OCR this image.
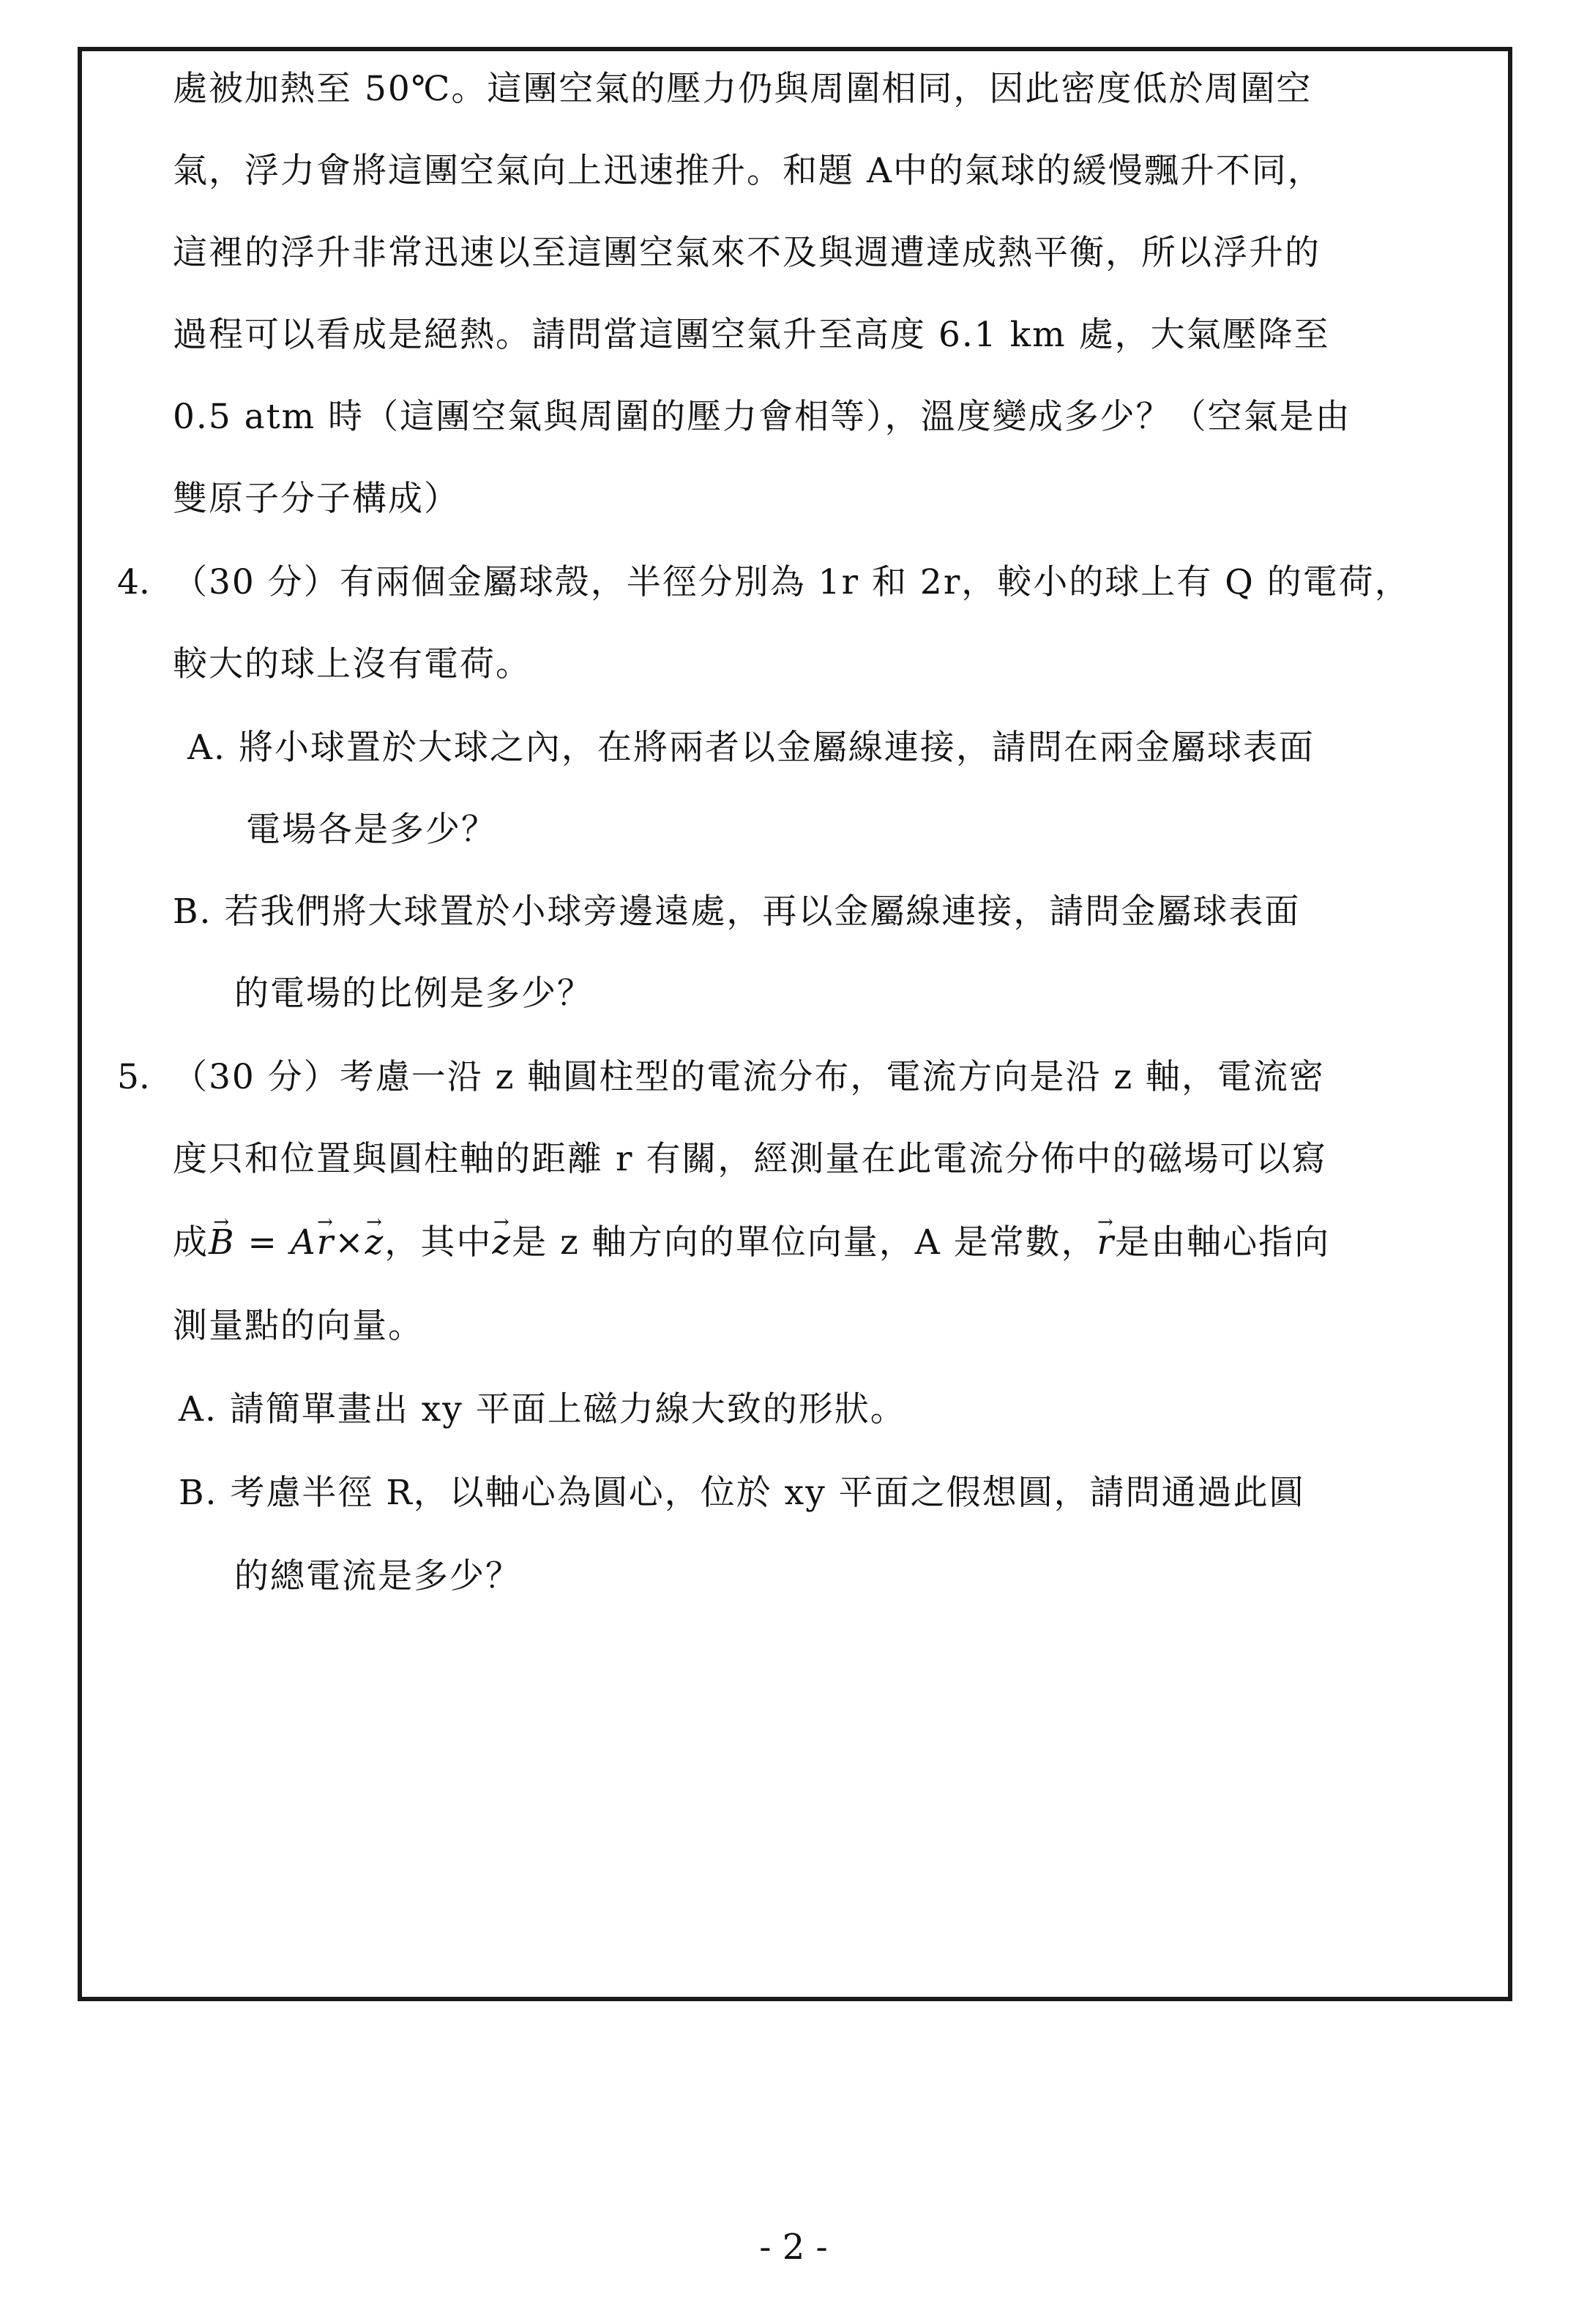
處被加熱至 50℃。這團空氣的壓力仍與周圍相同，因此密度低於周圍空
氣，浮力會將這團空氣向上迅速推升。和題 A中的氣球的緩慢飄升不同，
這裡的浮升非常迅速以至這團空氣來不及與週遭達成熱平衡，所以浮升的
過程可以看成是絕熱。請問當這團空氣升至高度 6.1 km 處，大氣壓降至
0.5 atm 時（這團空氣與周圍的壓力會相等），溫度變成多少？（空氣是由
雙原子分子構成）
4. （30 分）有兩個金屬球殼，半徑分別為 1r 和 2r，較小的球上有 Q 的電荷，
較大的球上沒有電荷。
A. 將小球置於大球之內，在將兩者以金屬線連接，請問在兩金屬球表面
電場各是多少？
B. 若我們將大球置於小球旁邊遠處，再以金屬線連接，請問金屬球表面
的電場的比例是多少？
5. （30 分）考慮一沿 z 軸圓柱型的電流分布，電流方向是沿 z 軸，電流密
度只和位置與圓柱軸的距離 r 有關，經測量在此電流分佈中的磁場可以寫
成→ B = A→ r×→ z，其中→ z是 z 軸方向的單位向量，A 是常數，→ r是由軸心指向
測量點的向量。
A. 請簡單畫出 xy 平面上磁力線大致的形狀。
B. 考慮半徑 R，以軸心為圓心，位於 xy 平面之假想圓，請問通過此圓
的總電流是多少？
- 2 -
